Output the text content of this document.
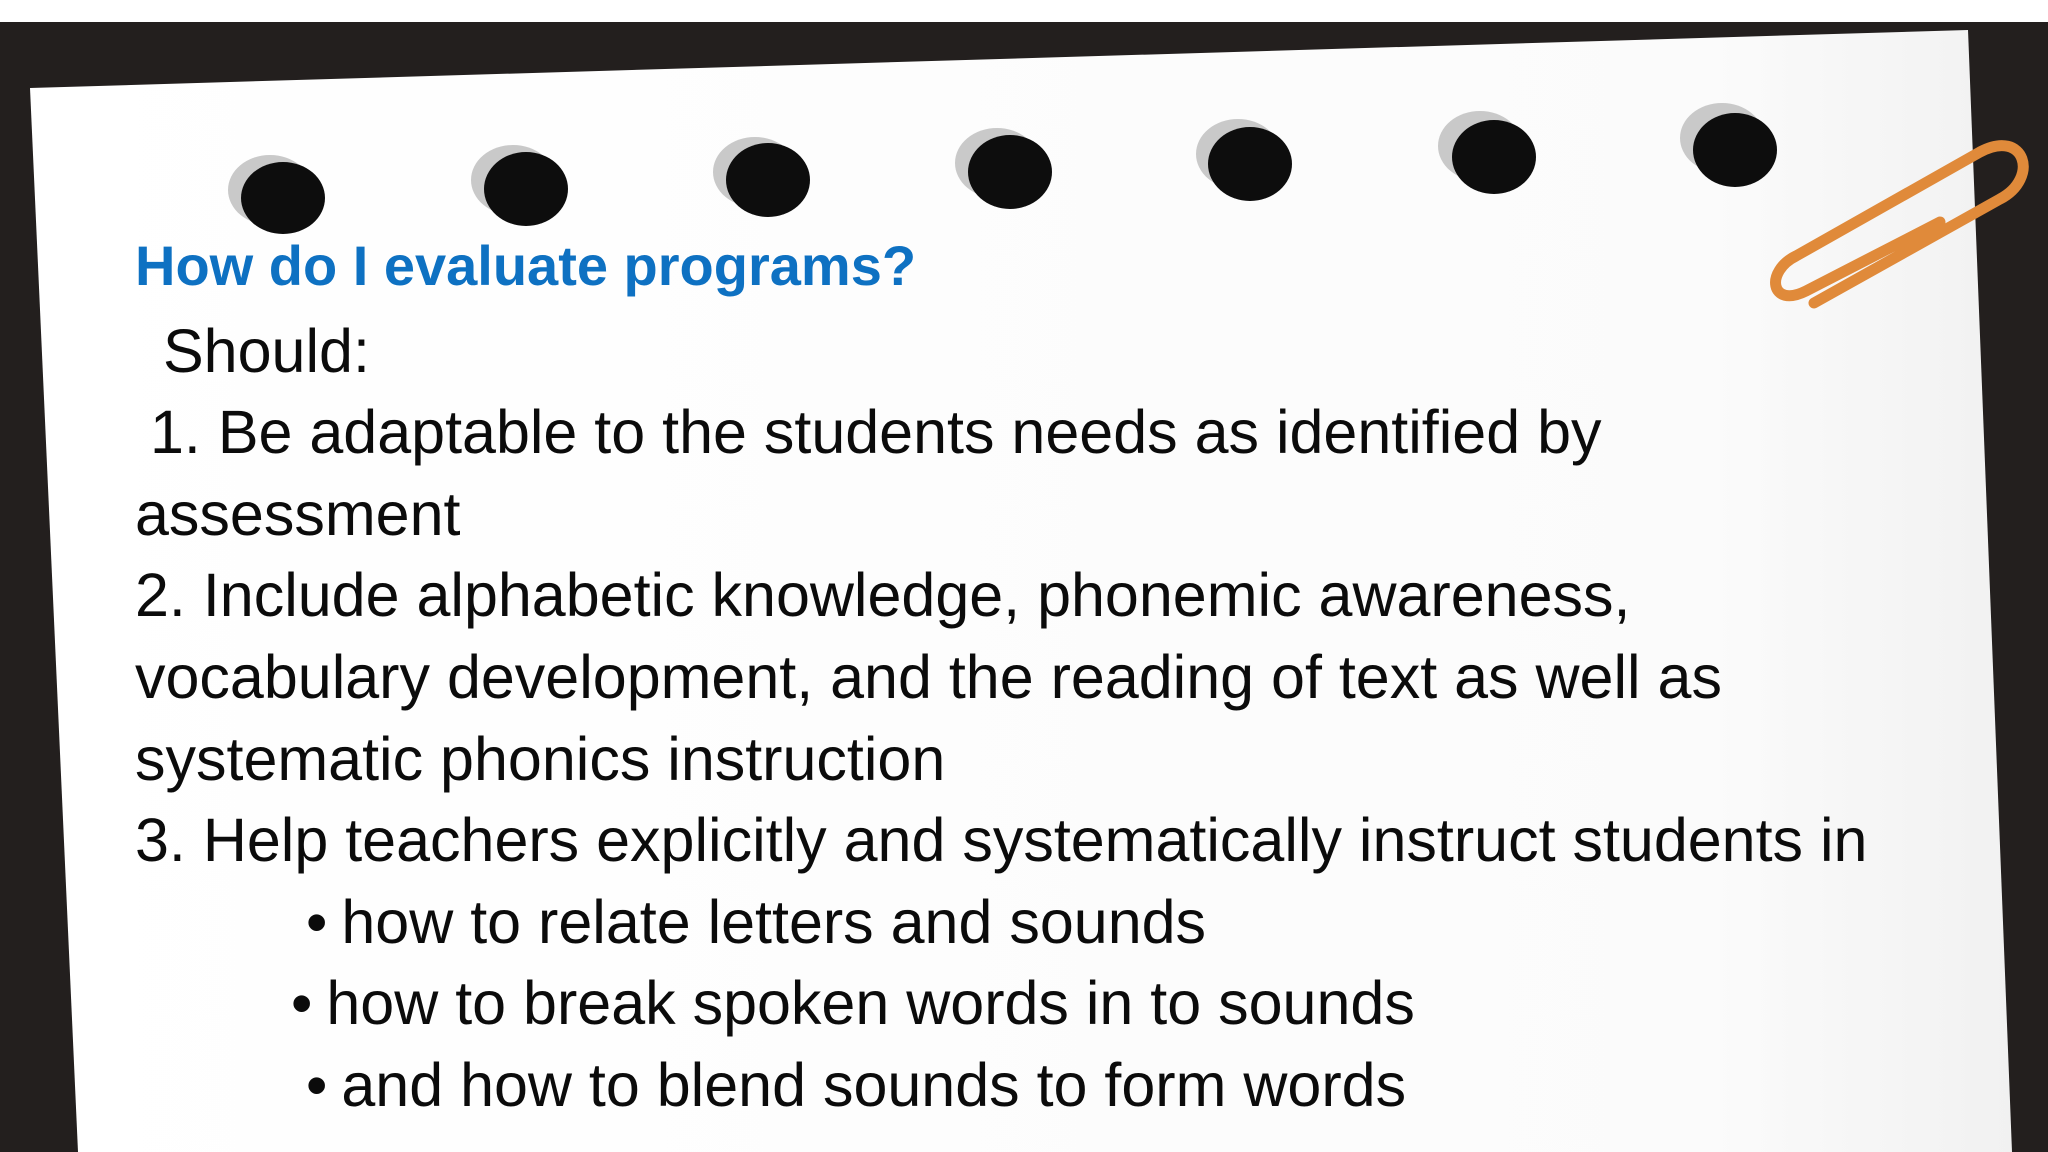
How do I evaluate programs?
Should:
1. Be adaptable to the students needs as identified by
assessment
2. Include alphabetic knowledge, phonemic awareness,
vocabulary development, and the reading of text as well as
systematic phonics instruction
3. Help teachers explicitly and systematically instruct students in
• how to relate letters and sounds
• how to break spoken words in to sounds
• and how to blend sounds to form words
